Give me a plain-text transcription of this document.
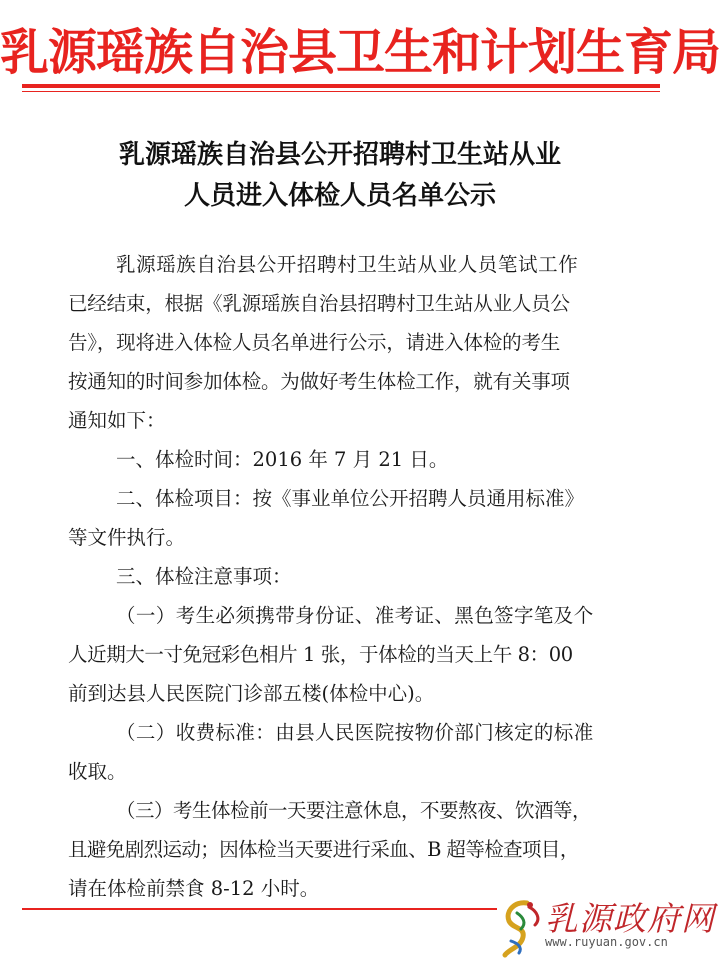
乳源瑶族自治县卫生和计划生育局
乳源瑶族自治县公开招聘村卫生站从业
人员进入体检人员名单公示
乳源瑶族自治县公开招聘村卫生站从业人员笔试工作
已经结束，根据《乳源瑶族自治县招聘村卫生站从业人员公
告》，现将进入体检人员名单进行公示，请进入体检的考生
按通知的时间参加体检。为做好考生体检工作，就有关事项
通知如下：
一、体检时间：2016 年 7 月 21 日。
二、体检项目：按《事业单位公开招聘人员通用标准》
等文件执行。
三、体检注意事项：
（一）考生必须携带身份证、准考证、黑色签字笔及个
人近期大一寸免冠彩色相片 1 张，于体检的当天上午 8：00
前到达县人民医院门诊部五楼(体检中心)。
（二）收费标准：由县人民医院按物价部门核定的标准
收取。
（三）考生体检前一天要注意休息，不要熬夜、饮酒等，
且避免剧烈运动；因体检当天要进行采血、B 超等检查项目，
请在体检前禁食 8-12 小时。
乳源政府网
www.ruyuan.gov.cn
